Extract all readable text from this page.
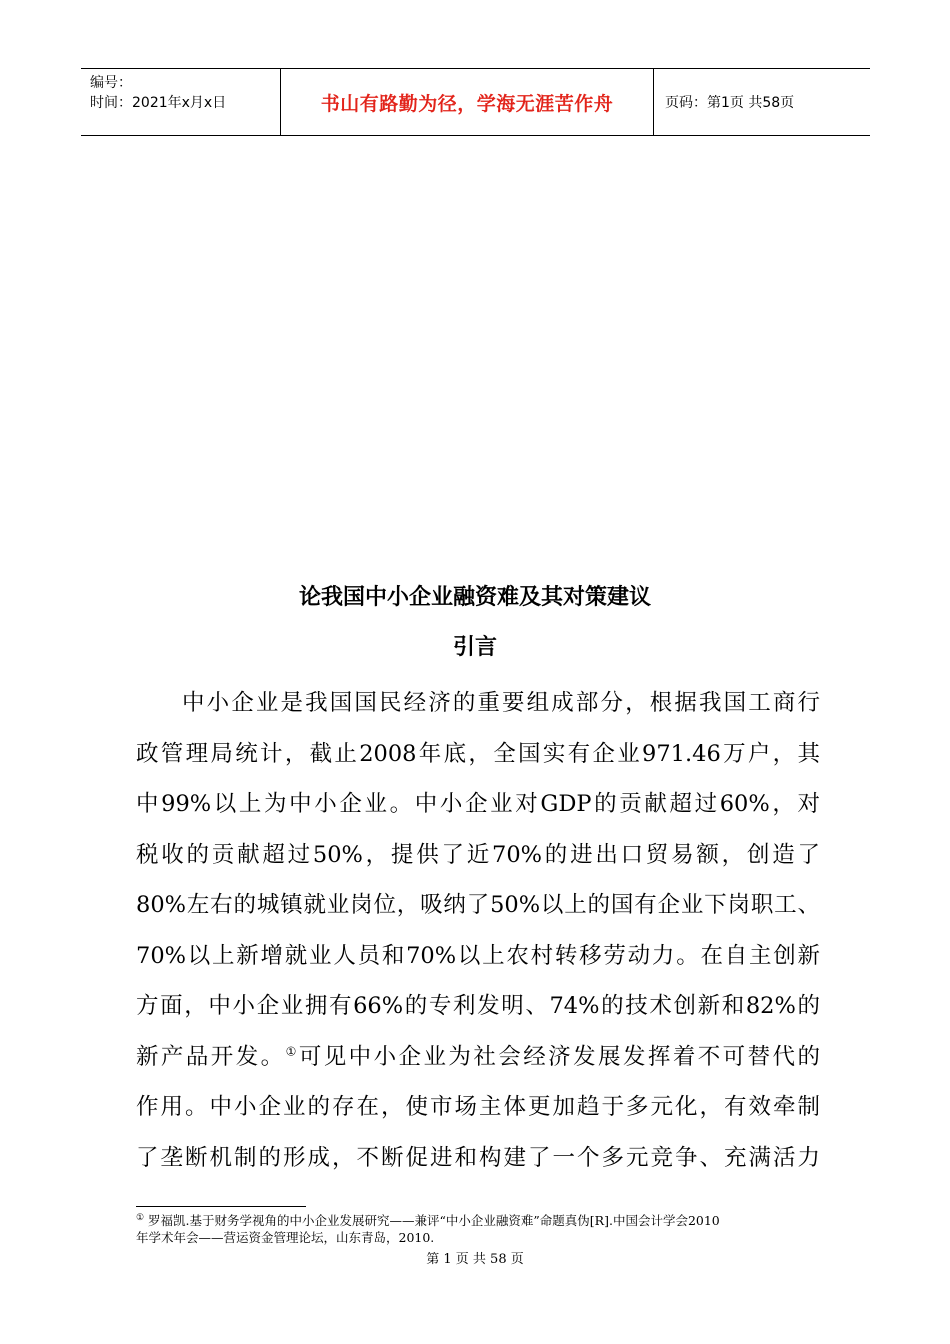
编号：
时间：2021年x月x日	书山有路勤为径，学海无涯苦作舟	页码：第1页 共58页
论我国中小企业融资难及其对策建议
引言
中小企业是我国国民经济的重要组成部分，根据我国工商行
政管理局统计，截止2008年底，全国实有企业971.46万户，其
中99%以上为中小企业。中小企业对GDP的贡献超过60%，对
税收的贡献超过50%，提供了近70%的进出口贸易额，创造了
80%左右的城镇就业岗位，吸纳了50%以上的国有企业下岗职工、
70%以上新增就业人员和70%以上农村转移劳动力。在自主创新
方面，中小企业拥有66%的专利发明、74%的技术创新和82%的
新产品开发。①可见中小企业为社会经济发展发挥着不可替代的
作用。中小企业的存在，使市场主体更加趋于多元化，有效牵制
了垄断机制的形成，不断促进和构建了一个多元竞争、充满活力
① 罗福凯.基于财务学视角的中小企业发展研究——兼评“中小企业融资难”命题真伪[R].中国会计学会2010
年学术年会——营运资金管理论坛，山东青岛，2010.
第 1 页 共 58 页
